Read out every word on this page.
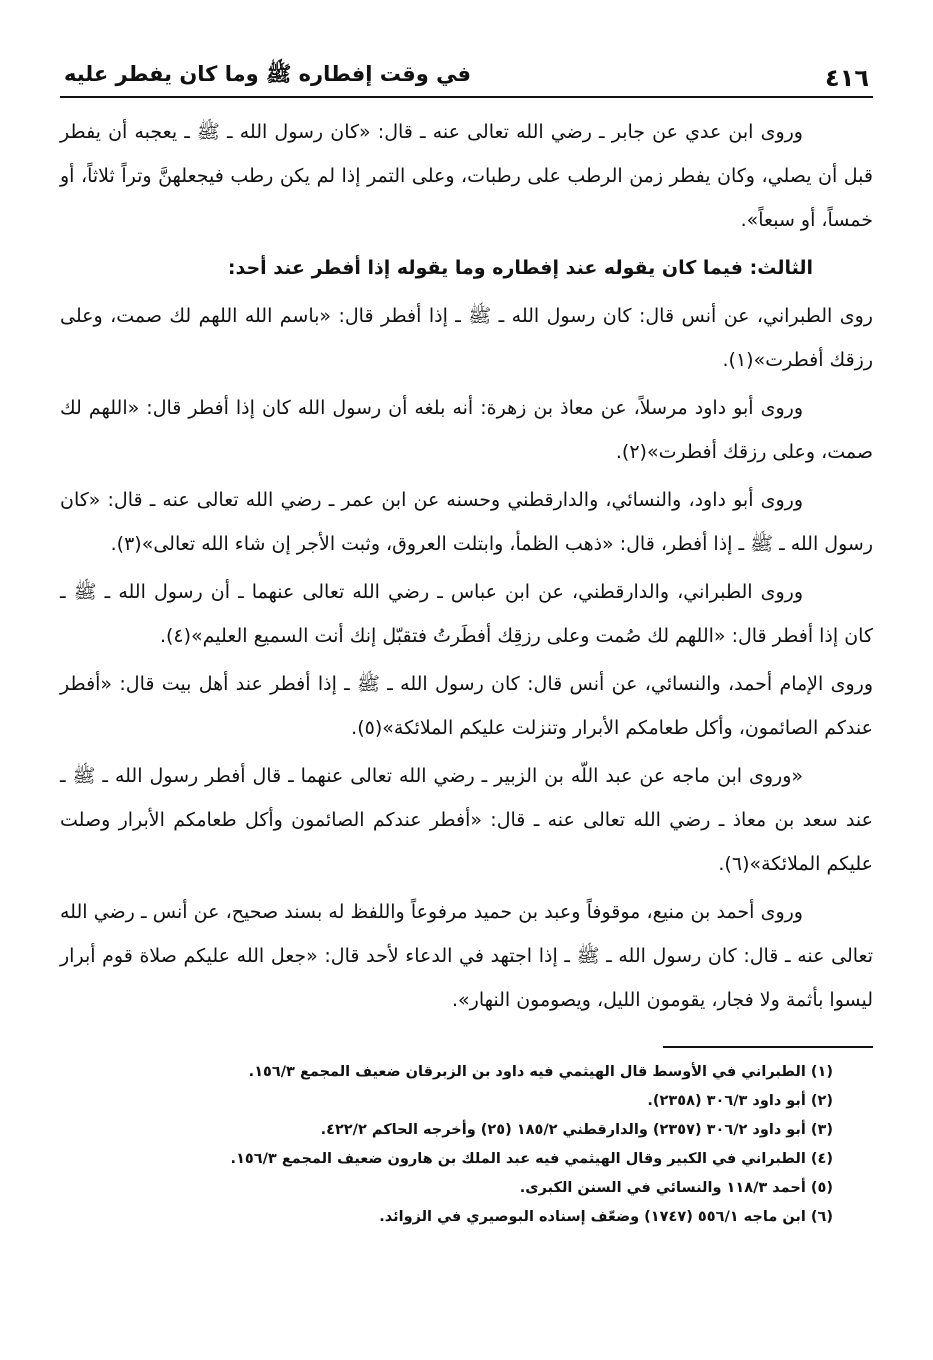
٤١٦
في وقت إفطاره ﷺ وما كان يفطر عليه

وروى ابن عدي عن جابر ـ رضي الله تعالى عنه ـ قال: «كان رسول الله ـ ﷺ ـ يعجبه أن يفطر قبل أن يصلي، وكان يفطر زمن الرطب على رطبات، وعلى التمر إذا لم يكن رطب فيجعلهنَّ وتراً ثلاثاً، أو خمساً، أو سبعاً».

الثالث: فيما كان يقوله عند إفطاره وما يقوله إذا أفطر عند أحد:

روى الطبراني، عن أنس قال: كان رسول الله ـ ﷺ ـ إذا أفطر قال: «باسم الله اللهم لك صمت، وعلى رزقك أفطرت»(١).

وروى أبو داود مرسلاً، عن معاذ بن زهرة: أنه بلغه أن رسول الله كان إذا أفطر قال: «اللهم لك صمت، وعلى رزقك أفطرت»(٢).

وروى أبو داود، والنسائي، والدارقطني وحسنه عن ابن عمر ـ رضي الله تعالى عنه ـ قال: «كان رسول الله ـ ﷺ ـ إذا أفطر، قال: «ذهب الظمأ، وابتلت العروق، وثبت الأجر إن شاء الله تعالى»(٣).

وروى الطبراني، والدارقطني، عن ابن عباس ـ رضي الله تعالى عنهما ـ أن رسول الله ـ ﷺ ـ كان إذا أفطر قال: «اللهم لك صُمت وعلى رزقِك أفطَرتُ فتقبّل إنك أنت السميع العليم»(٤).

وروى الإمام أحمد، والنسائي، عن أنس قال: كان رسول الله ـ ﷺ ـ إذا أفطر عند أهل بيت قال: «أفطر عندكم الصائمون، وأكل طعامكم الأبرار وتنزلت عليكم الملائكة»(٥).

«وروى ابن ماجه عن عبد اللّه بن الزبير ـ رضي الله تعالى عنهما ـ قال أفطر رسول الله ـ ﷺ ـ عند سعد بن معاذ ـ رضي الله تعالى عنه ـ قال: «أفطر عندكم الصائمون وأكل طعامكم الأبرار وصلت عليكم الملائكة»(٦).

وروى أحمد بن منيع، موقوفاً وعبد بن حميد مرفوعاً واللفظ له بسند صحيح، عن أنس ـ رضي الله تعالى عنه ـ قال: كان رسول الله ـ ﷺ ـ إذا اجتهد في الدعاء لأحد قال: «جعل الله عليكم صلاة قوم أبرار ليسوا بأثمة ولا فجار، يقومون الليل، ويصومون النهار».

(١) الطبراني في الأوسط قال الهيثمي فيه داود بن الزبرقان ضعيف المجمع ١٥٦/٣.
(٢) أبو داود ٣٠٦/٣ (٢٣٥٨).
(٣) أبو داود ٣٠٦/٢ (٢٣٥٧) والدارقطني ١٨٥/٢ (٢٥) وأخرجه الحاكم ٤٢٢/٢.
(٤) الطبراني في الكبير وقال الهيثمي فيه عبد الملك بن هارون ضعيف المجمع ١٥٦/٣.
(٥) أحمد ١١٨/٣ والنسائي في السنن الكبرى.
(٦) ابن ماجه ٥٥٦/١ (١٧٤٧) وضعّف إسناده البوصيري في الزوائد.
